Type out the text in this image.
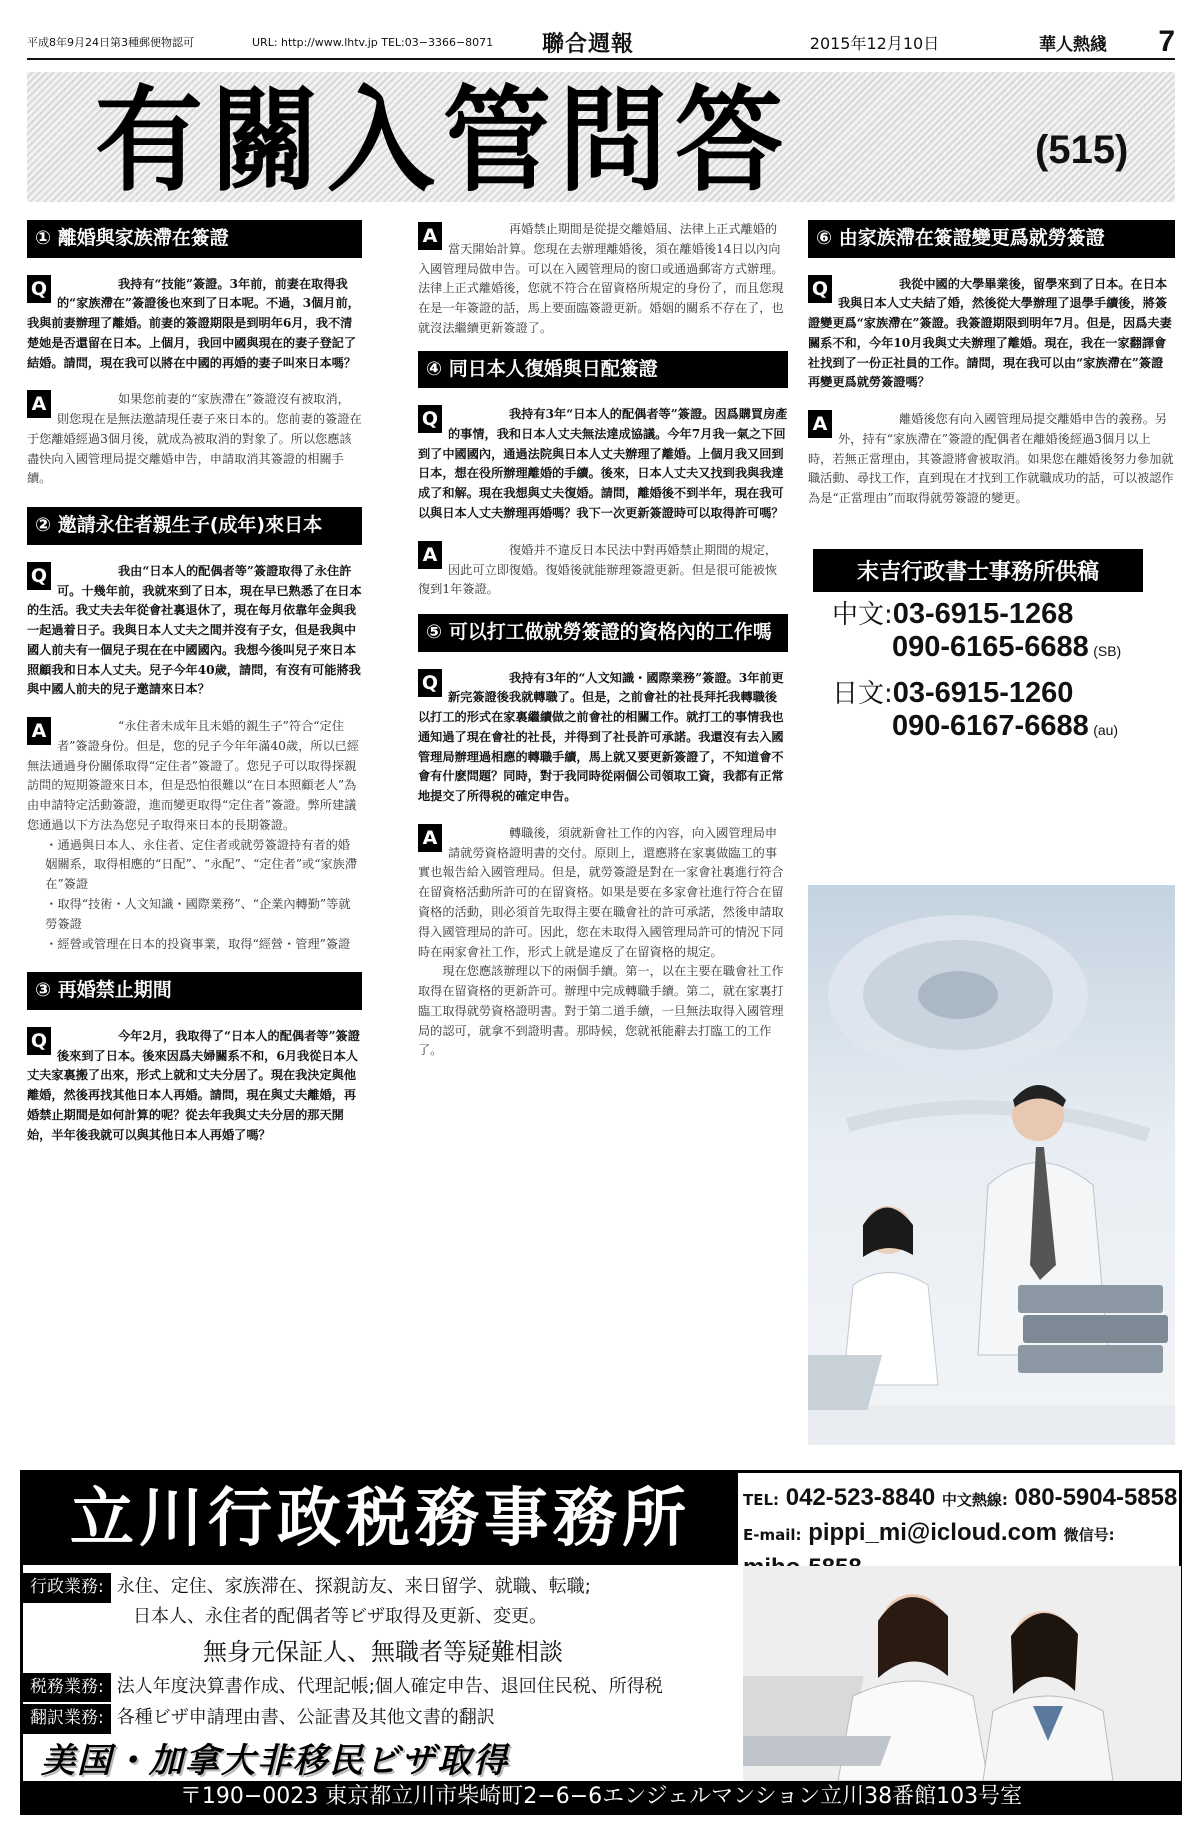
平成8年9月24日第3種郵便物認可	URL: http://www.lhtv.jp TEL:03−3366−8071	聯合週報	2015年12月10日	華人熱綫	7
有關入管問答	(515)
① 離婚與家族滯在簽證
Q	我持有“技能”簽證。3年前，前妻在取得我的“家族滯在”簽證後也來到了日本呢。不過，3個月前，我與前妻辦理了離婚。前妻的簽證期限是到明年6月，我不清楚她是否還留在日本。上個月，我回中國與現在的妻子登記了結婚。請問，現在我可以將在中國的再婚的妻子叫來日本嗎？

A	如果您前妻的“家族滯在”簽證沒有被取消，則您現在是無法邀請現任妻子來日本的。您前妻的簽證在于您離婚經過3個月後，就成為被取消的對象了。所以您應該盡快向入國管理局提交離婚申告，申請取消其簽證的相關手續。

② 邀請永住者親生子(成年)來日本
Q	我由“日本人的配偶者等”簽證取得了永住許可。十幾年前，我就來到了日本，現在早已熟悉了在日本的生活。我丈夫去年從會社裏退休了，現在每月依靠年金與我一起過着日子。我與日本人丈夫之間并沒有子女，但是我與中國人前夫有一個兒子現在在中國國內。我想今後叫兒子來日本照顧我和日本人丈夫。兒子今年40歲，請問，有沒有可能將我與中國人前夫的兒子邀請來日本？

A	“永住者未成年且未婚的親生子”符合“定住者”簽證身份。但是，您的兒子今年年滿40歲，所以已經無法通過身份關係取得“定住者”簽證了。您兒子可以取得探親訪問的短期簽證來日本，但是恐怕很難以“在日本照顧老人”為由申請特定活動簽證，進而變更取得“定住者”簽證。弊所建議您通過以下方法為您兒子取得來日本的長期簽證。

・通過與日本人、永住者、定住者或就勞簽證持有者的婚姻關系，取得相應的“日配”、“永配”、“定住者”或“家族滯在”簽證

・取得“技術・人文知識・國際業務”、“企業內轉勤”等就勞簽證

・經營或管理在日本的投資事業，取得“經營・管理”簽證

③ 再婚禁止期間
Q	今年2月，我取得了“日本人的配偶者等”簽證後來到了日本。後來因爲夫婦關系不和，6月我從日本人丈夫家裏搬了出來，形式上就和丈夫分居了。現在我決定與他離婚，然後再找其他日本人再婚。請問，現在與丈夫離婚，再婚禁止期間是如何計算的呢？從去年我與丈夫分居的那天開始，半年後我就可以與其他日本人再婚了嗎？

A	再婚禁止期間是從提交離婚屆、法律上正式離婚的當天開始計算。您現在去辦理離婚後，須在離婚後14日以內向入國管理局做申告。可以在入國管理局的窗口或通過郵寄方式辦理。法律上正式離婚後，您就不符合在留資格所規定的身份了，而且您現在是一年簽證的話，馬上要面臨簽證更新。婚姻的關系不存在了，也就沒法繼續更新簽證了。

④ 同日本人復婚與日配簽證
Q	我持有3年“日本人的配偶者等”簽證。因爲購買房產的事情，我和日本人丈夫無法達成協議。今年7月我一氣之下回到了中國國內，通過法院與日本人丈夫辦理了離婚。上個月我又回到日本，想在役所辦理離婚的手續。後來，日本人丈夫又找到我與我達成了和解。現在我想與丈夫復婚。請問，離婚後不到半年，現在我可以與日本人丈夫辦理再婚嗎？我下一次更新簽證時可以取得許可嗎？

A	復婚并不違反日本民法中對再婚禁止期間的規定，因此可立即復婚。復婚後就能辦理簽證更新。但是很可能被恢復到1年簽證。

⑤ 可以打工做就勞簽證的資格內的工作嗎
Q	我持有3年的“人文知識・國際業務”簽證。3年前更新完簽證後我就轉職了。但是，之前會社的社長拜托我轉職後以打工的形式在家裏繼續做之前會社的相關工作。就打工的事情我也通知過了現在會社的社長，并得到了社長許可承諾。我還沒有去入國管理局辦理過相應的轉職手續，馬上就又要更新簽證了，不知道會不會有什麽問題？同時，對于我同時從兩個公司領取工資，我都有正常地提交了所得税的確定申告。

A	轉職後，須就新會社工作的內容，向入國管理局申請就勞資格證明書的交付。原則上，還應將在家裏做臨工的事實也報告給入國管理局。但是，就勞簽證是對在一家會社裏進行符合在留資格活動所許可的在留資格。如果是要在多家會社進行符合在留資格的活動，則必須首先取得主要在職會社的許可承諾，然後申請取得入國管理局的許可。因此，您在未取得入國管理局許可的情況下同時在兩家會社工作，形式上就是違反了在留資格的規定。

現在您應該辦理以下的兩個手續。第一，以在主要在職會社工作取得在留資格的更新許可。辦理中完成轉職手續。第二，就在家裏打臨工取得就勞資格證明書。對于第二道手續，一旦無法取得入國管理局的認可，就拿不到證明書。那時候，您就衹能辭去打臨工的工作了。

⑥ 由家族滯在簽證變更爲就勞簽證
Q	我從中國的大學畢業後，留學來到了日本。在日本我與日本人丈夫結了婚，然後從大學辦理了退學手續後，將簽證變更爲“家族滯在”簽證。我簽證期限到明年7月。但是，因爲夫妻關系不和，今年10月我與丈夫辦理了離婚。現在，我在一家翻譯會社找到了一份正社員的工作。請問，現在我可以由“家族滯在”簽證再變更爲就勞簽證嗎？

A	離婚後您有向入國管理局提交離婚申告的義務。另外，持有“家族滯在”簽證的配偶者在離婚後經過3個月以上時，若無正當理由，其簽證將會被取消。如果您在離婚後努力參加就職活動、尋找工作，直到現在才找到工作就職成功的話，可以被認作為是“正當理由”而取得就勞簽證的變更。

末吉行政書士事務所供稿
中文:03-6915-1268
090-6165-6688 (SB)
日文:03-6915-1260
090-6167-6688 (au)
立川行政税務事務所	TEL: 042-523-8840 中文熱線: 080-5904-5858
E-mail: pippi_mi@icloud.com 微信号:
行政業務: 永住、定住、家族滞在、探親訪友、来日留学、就職、転職;
日本人、永住者的配偶者等ビザ取得及更新、変更。
無身元保証人、無職者等疑難相談
税務業務: 法人年度決算書作成、代理記帳;個人確定申告、退回住民税、所得税
翻訳業務: 各種ビザ申請理由書、公証書及其他文書的翻訳
美国・加拿大非移民ビザ取得
〒190−0023 東京都立川市柴崎町2−6−6エンジェルマンション立川38番館103号室
